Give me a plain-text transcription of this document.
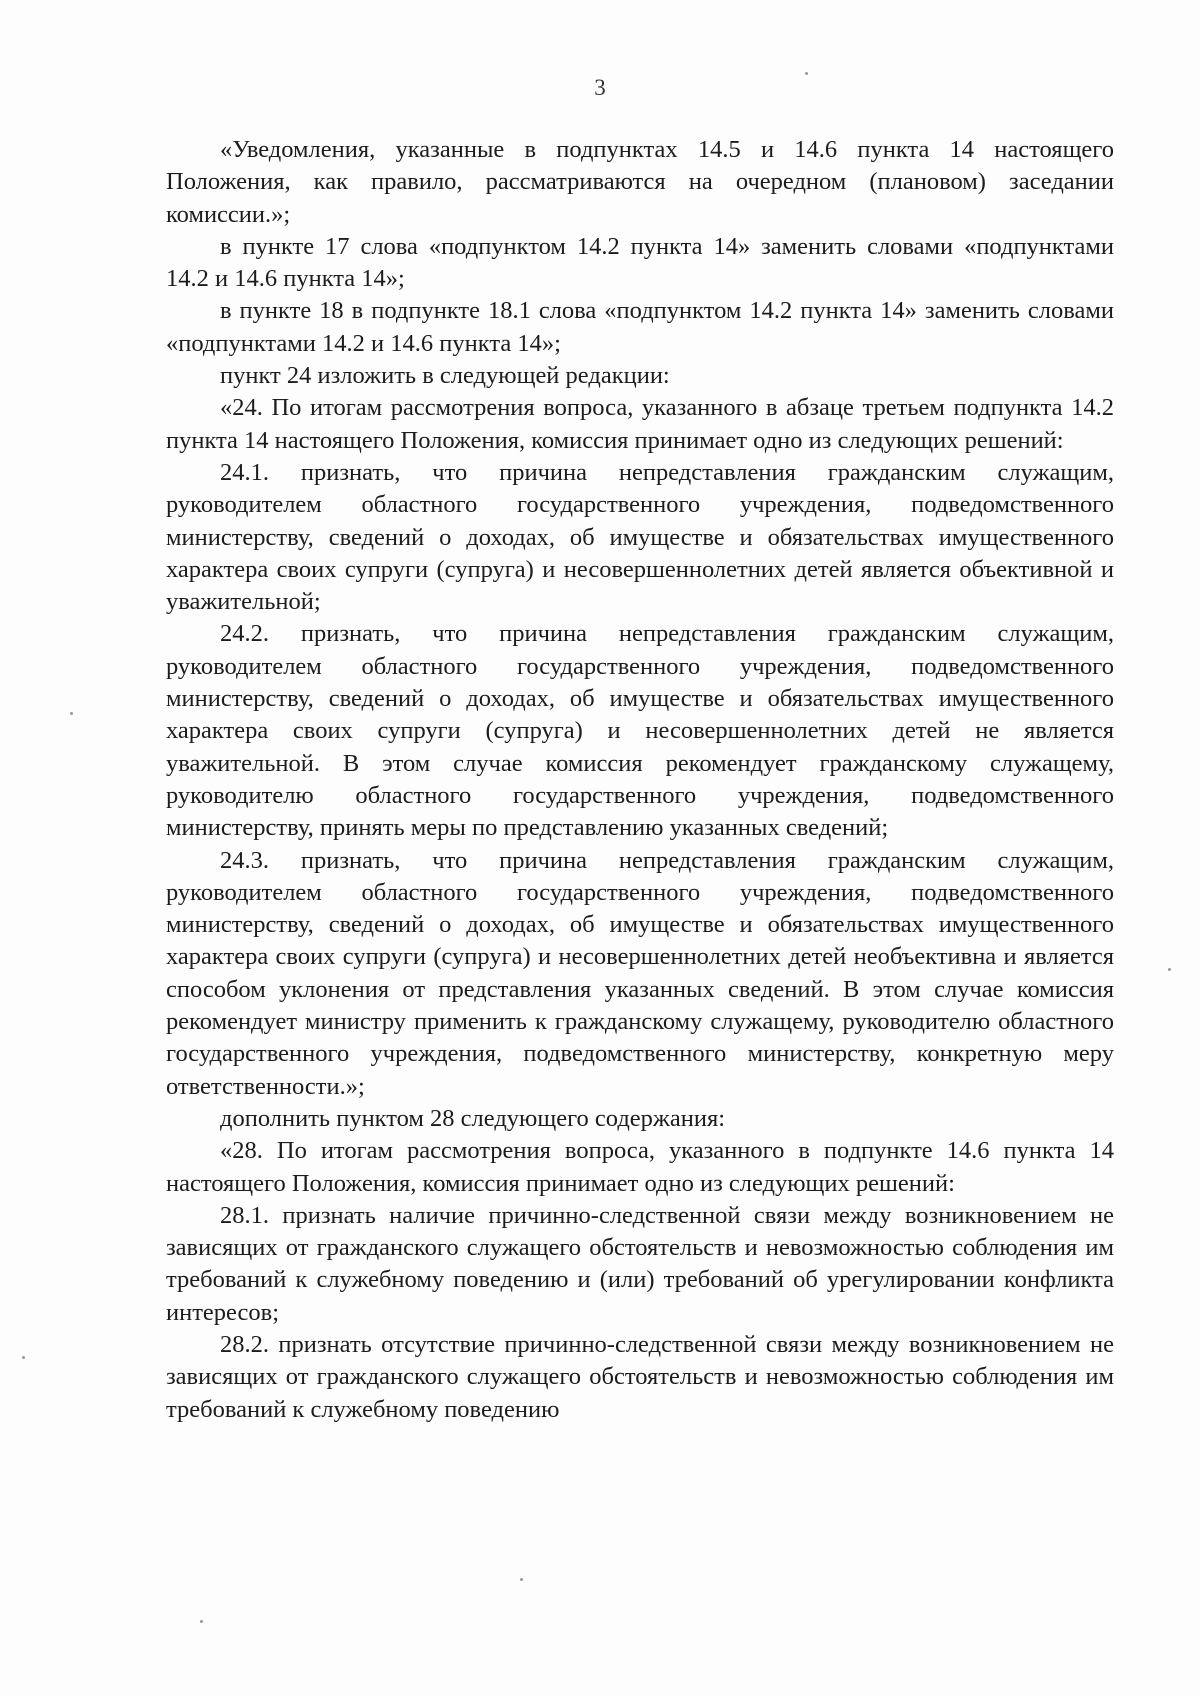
3

«Уведомления, указанные в подпунктах 14.5 и 14.6 пункта 14 настоящего Положения, как правило, рассматриваются на очередном (плановом) заседании комиссии.»;

в пункте 17 слова «подпунктом 14.2 пункта 14» заменить словами «подпунктами 14.2 и 14.6 пункта 14»;

в пункте 18 в подпункте 18.1 слова «подпунктом 14.2 пункта 14» заменить словами «подпунктами 14.2 и 14.6 пункта 14»;

пункт 24 изложить в следующей редакции:

«24. По итогам рассмотрения вопроса, указанного в абзаце третьем подпункта 14.2 пункта 14 настоящего Положения, комиссия принимает одно из следующих решений:

24.1. признать, что причина непредставления гражданским служащим, руководителем областного государственного учреждения, подведомственного министерству, сведений о доходах, об имуществе и обязательствах имущественного характера своих супруги (супруга) и несовершеннолетних детей является объективной и уважительной;

24.2. признать, что причина непредставления гражданским служащим, руководителем областного государственного учреждения, подведомственного министерству, сведений о доходах, об имуществе и обязательствах имущественного характера своих супруги (супруга) и несовершеннолетних детей не является уважительной. В этом случае комиссия рекомендует гражданскому служащему, руководителю областного государственного учреждения, подведомственного министерству, принять меры по представлению указанных сведений;

24.3. признать, что причина непредставления гражданским служащим, руководителем областного государственного учреждения, подведомственного министерству, сведений о доходах, об имуществе и обязательствах имущественного характера своих супруги (супруга) и несовершеннолетних детей необъективна и является способом уклонения от представления указанных сведений. В этом случае комиссия рекомендует министру применить к гражданскому служащему, руководителю областного государственного учреждения, подведомственного министерству, конкретную меру ответственности.»;

дополнить пунктом 28 следующего содержания:

«28. По итогам рассмотрения вопроса, указанного в подпункте 14.6 пункта 14 настоящего Положения, комиссия принимает одно из следующих решений:

28.1. признать наличие причинно-следственной связи между возникновением не зависящих от гражданского служащего обстоятельств и невозможностью соблюдения им требований к служебному поведению и (или) требований об урегулировании конфликта интересов;

28.2. признать отсутствие причинно-следственной связи между возникновением не зависящих от гражданского служащего обстоятельств и невозможностью соблюдения им требований к служебному поведению
